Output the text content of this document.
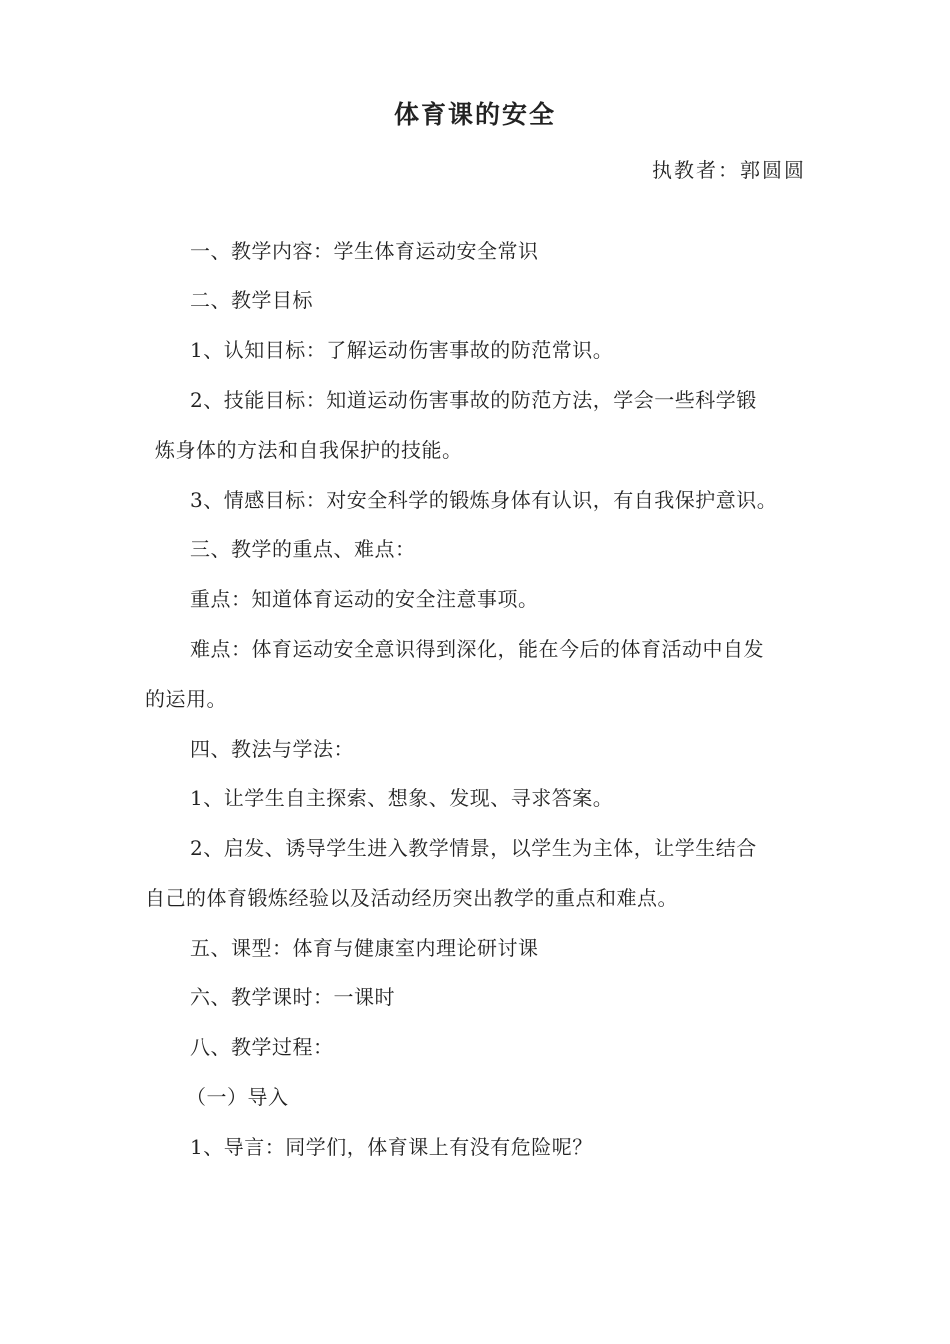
体育课的安全
执教者：郭圆圆
一、教学内容：学生体育运动安全常识
二、教学目标
1、认知目标：了解运动伤害事故的防范常识。
2、技能目标：知道运动伤害事故的防范方法，学会一些科学锻
炼身体的方法和自我保护的技能。
3、情感目标：对安全科学的锻炼身体有认识，有自我保护意识。
三、教学的重点、难点：
重点：知道体育运动的安全注意事项。
难点：体育运动安全意识得到深化，能在今后的体育活动中自发
的运用。
四、教法与学法：
1、让学生自主探索、想象、发现、寻求答案。
2、启发、诱导学生进入教学情景，以学生为主体，让学生结合
自己的体育锻炼经验以及活动经历突出教学的重点和难点。
五、课型：体育与健康室内理论研讨课
六、教学课时：一课时
八、教学过程：
（一）导入
1、导言：同学们，体育课上有没有危险呢？
